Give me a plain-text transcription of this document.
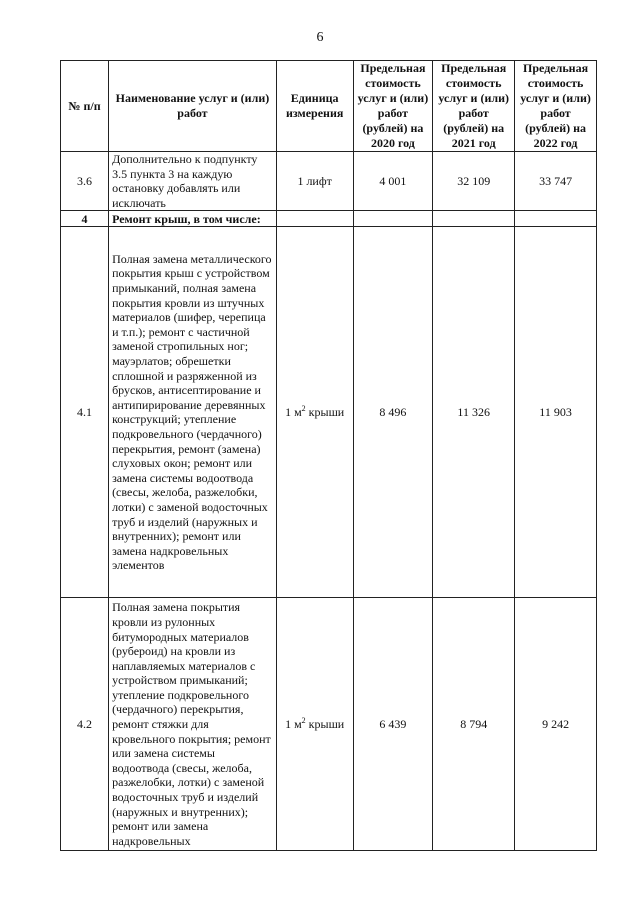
6
№ п/п	Наименование услуг и (или) работ	Единица измерения	Предельная стоимость услуг и (или) работ (рублей) на 2020 год	Предельная стоимость услуг и (или) работ (рублей) на 2021 год	Предельная стоимость услуг и (или) работ (рублей) на 2022 год
3.6	Дополнительно к подпункту 3.5 пункта 3 на каждую остановку добавлять или исключать	1 лифт	4 001	32 109	33 747
4	Ремонт крыш, в том числе:				
4.1	Полная замена металлического покрытия крыш с устройством примыканий, полная замена покрытия кровли из штучных материалов (шифер, черепица и т.п.); ремонт с частичной заменой стропильных ног; мауэрлатов; обрешетки сплошной и разряженной из брусков, антисептирование и антипирирование деревянных конструкций; утепление подкровельного (чердачного) перекрытия, ремонт (замена) слуховых окон; ремонт или замена системы водоотвода (свесы, желоба, разжелобки, лотки) с заменой водосточных труб и изделий (наружных и внутренних); ремонт или замена надкровельных элементов	1 $м^2$ крыши	8 496	11 326	11 903
4.2	Полная замена покрытия кровли из рулонных битумородных материалов (рубероид) на кровли из наплавляемых материалов с устройством примыканий; утепление подкровельного (чердачного) перекрытия, ремонт стяжки для кровельного покрытия; ремонт или замена системы водоотвода (свесы, желоба, разжелобки, лотки) с заменой водосточных труб и изделий (наружных и внутренних); ремонт или замена надкровельных	1 $м^2$ крыши	6 439	8 794	9 242
